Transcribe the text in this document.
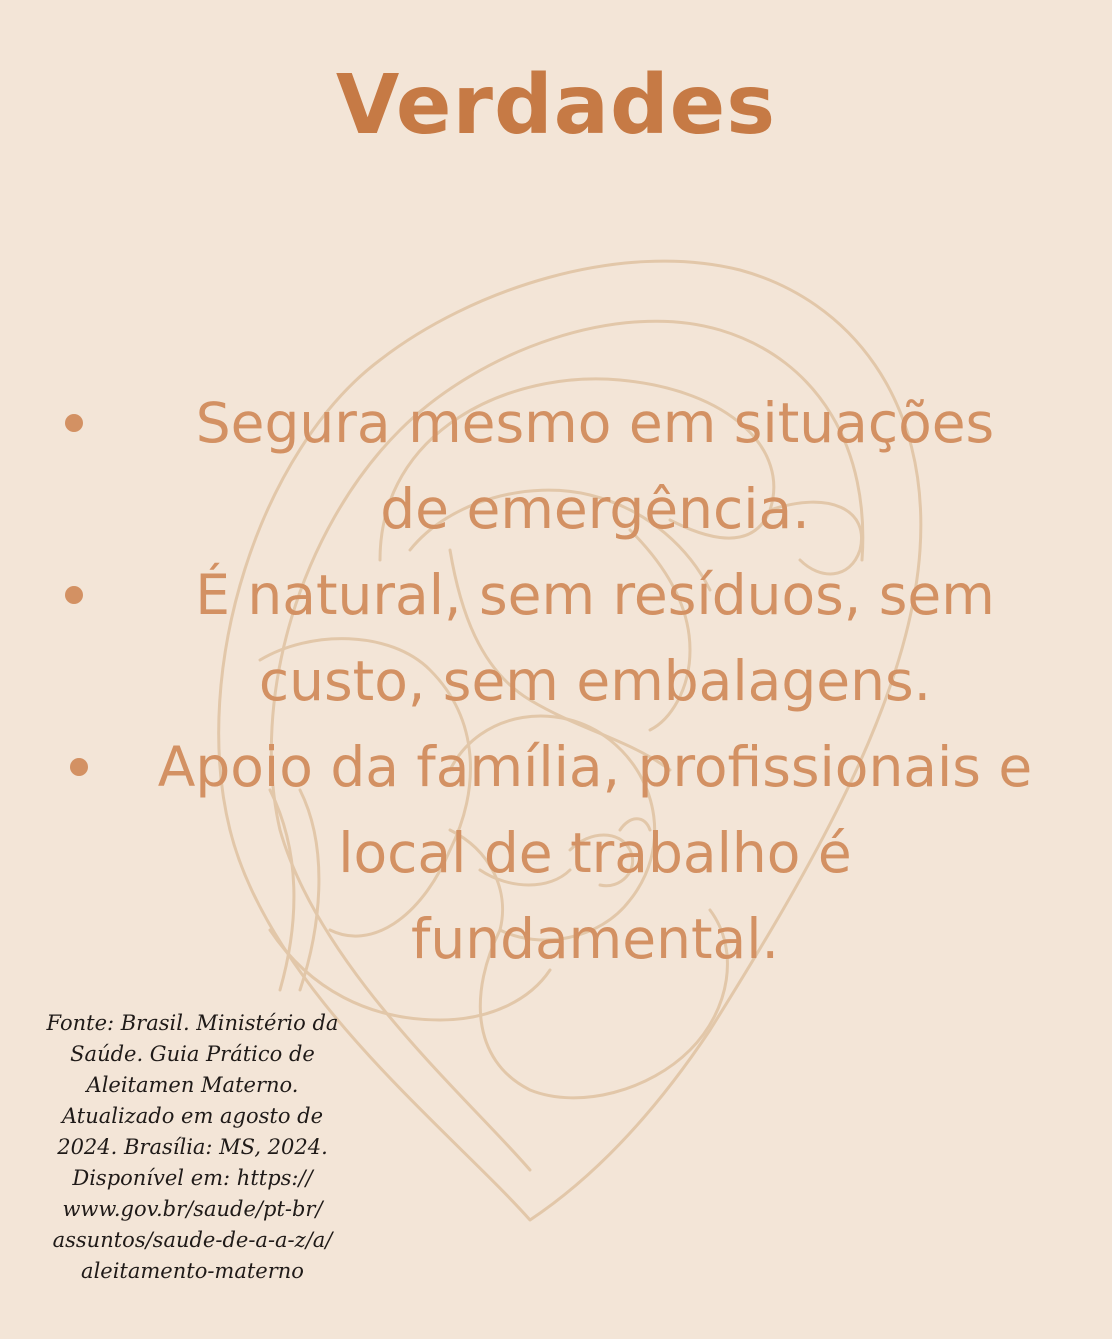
Verdades
Segura mesmo em situações
de emergência.
É natural, sem resíduos, sem
custo, sem embalagens.
Apoio da família, profissionais e
local de trabalho é
fundamental.
Fonte: Brasil. Ministério da
Saúde. Guia Prático de
Aleitamen Materno.
Atualizado em agosto de
2024. Brasília: MS, 2024.
Disponível em: https://
www.gov.br/saude/pt-br/
assuntos/saude-de-a-a-z/a/
aleitamento-materno
